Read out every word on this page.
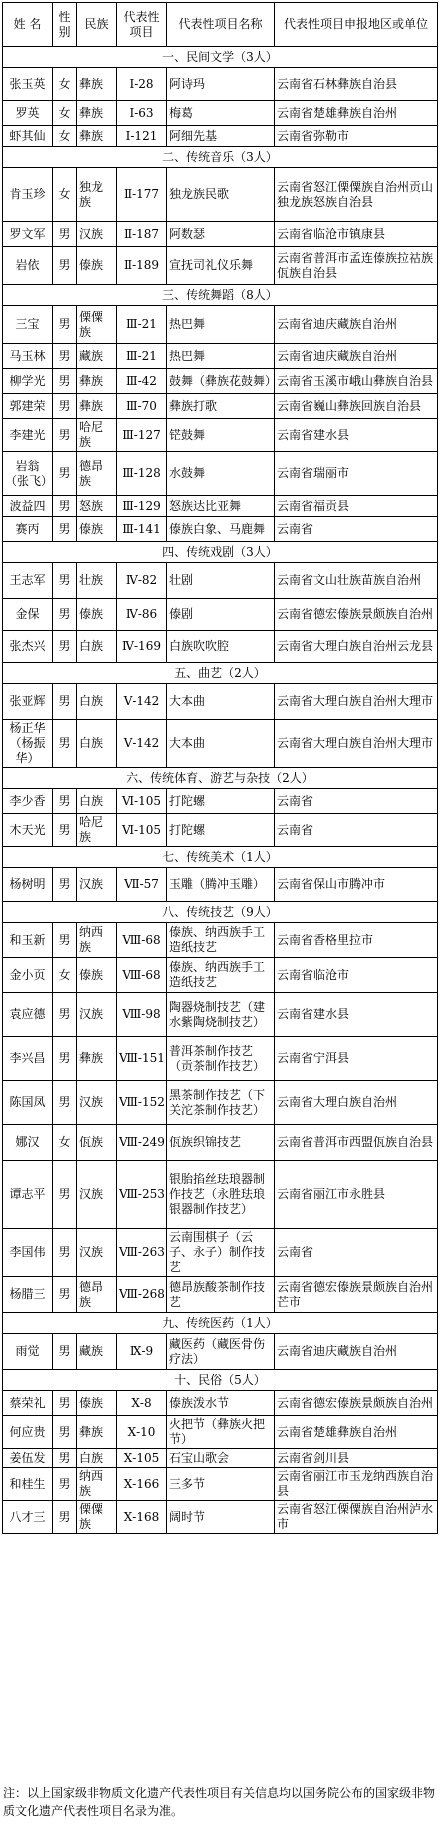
姓 名	性别	民族	代表性项目	代表性项目名称	代表性项目申报地区或单位
一、民间文学（3人）					
张玉英	女	彝族	Ⅰ-28	阿诗玛	云南省石林彝族自治县
罗英	女	彝族	Ⅰ-63	梅葛	云南省楚雄彝族自治州
虾其仙	女	彝族	Ⅰ-121	阿细先基	云南省弥勒市
二、传统音乐（3人）					
肯玉珍	女	独龙族	Ⅱ-177	独龙族民歌	云南省怒江傈僳族自治州贡山独龙族怒族自治县
罗文军	男	汉族	Ⅱ-187	阿数瑟	云南省临沧市镇康县
岩依	男	傣族	Ⅱ-189	宣抚司礼仪乐舞	云南省普洱市孟连傣族拉祜族佤族自治县
三、传统舞蹈（8人）					
三宝	男	傈僳族	Ⅲ-21	热巴舞	云南省迪庆藏族自治州
马玉林	男	藏族	Ⅲ-21	热巴舞	云南省迪庆藏族自治州
柳学光	男	彝族	Ⅲ-42	鼓舞（彝族花鼓舞）	云南省玉溪市峨山彝族自治县
郭建荣	男	彝族	Ⅲ-70	彝族打歌	云南省巍山彝族回族自治县
李建光	男	哈尼族	Ⅲ-127	铓鼓舞	云南省建水县
岩翁（张飞）	男	德昂族	Ⅲ-128	水鼓舞	云南省瑞丽市
波益四	男	怒族	Ⅲ-129	怒族达比亚舞	云南省福贡县
赛丙	男	傣族	Ⅲ-141	傣族白象、马鹿舞	云南省
四、传统戏剧（3人）					
王志军	男	壮族	Ⅳ-82	壮剧	云南省文山壮族苗族自治州
金保	男	傣族	Ⅳ-86	傣剧	云南省德宏傣族景颇族自治州
张杰兴	男	白族	Ⅳ-169	白族吹吹腔	云南省大理白族自治州云龙县
五、曲艺（2人）					
张亚辉	男	白族	Ⅴ-142	大本曲	云南省大理白族自治州大理市
杨正华（杨振华）	男	白族	Ⅴ-142	大本曲	云南省大理白族自治州大理市
六、传统体育、游艺与杂技（2人）					
李少香	男	白族	Ⅵ-105	打陀螺	云南省
木天光	男	哈尼族	Ⅵ-105	打陀螺	云南省
七、传统美术（1人）					
杨树明	男	汉族	Ⅶ-57	玉雕（腾冲玉雕）	云南省保山市腾冲市
八、传统技艺（9人）					
和玉新	男	纳西族	Ⅷ-68	傣族、纳西族手工造纸技艺	云南省香格里拉市
金小页	女	傣族	Ⅷ-68	傣族、纳西族手工造纸技艺	云南省临沧市
袁应德	男	汉族	Ⅷ-98	陶器烧制技艺（建水紫陶烧制技艺）	云南省建水县
李兴昌	男	彝族	Ⅷ-151	普洱茶制作技艺（贡茶制作技艺）	云南省宁洱县
陈国凤	男	汉族	Ⅷ-152	黑茶制作技艺（下关沱茶制作技艺）	云南省大理白族自治州
娜汉	女	佤族	Ⅷ-249	佤族织锦技艺	云南省普洱市西盟佤族自治县
谭志平	男	汉族	Ⅷ-253	银胎掐丝珐琅器制作技艺（永胜珐琅银器制作技艺）	云南省丽江市永胜县
李国伟	男	汉族	Ⅷ-263	云南围棋子（云子、永子）制作技艺	云南省
杨腊三	男	德昂族	Ⅷ-268	德昂族酸茶制作技艺	云南省德宏傣族景颇族自治州芒市
九、传统医药（1人）					
雨觉	男	藏族	Ⅸ-9	藏医药（藏医骨伤疗法）	云南省迪庆藏族自治州
十、民俗（5人）					
蔡荣礼	男	傣族	Ⅹ-8	傣族泼水节	云南省德宏傣族景颇族自治州
何应贵	男	彝族	Ⅹ-10	火把节（彝族火把节）	云南省楚雄彝族自治州
姜伍发	男	白族	Ⅹ-105	石宝山歌会	云南省剑川县
和桂生	男	纳西族	Ⅹ-166	三多节	云南省丽江市玉龙纳西族自治县
八才三	男	傈僳族	Ⅹ-168	阔时节	云南省怒江傈僳族自治州泸水市
注：以上国家级非物质文化遗产代表性项目有关信息均以国务院公布的国家级非物质文化遗产代表性项目名录为准。
